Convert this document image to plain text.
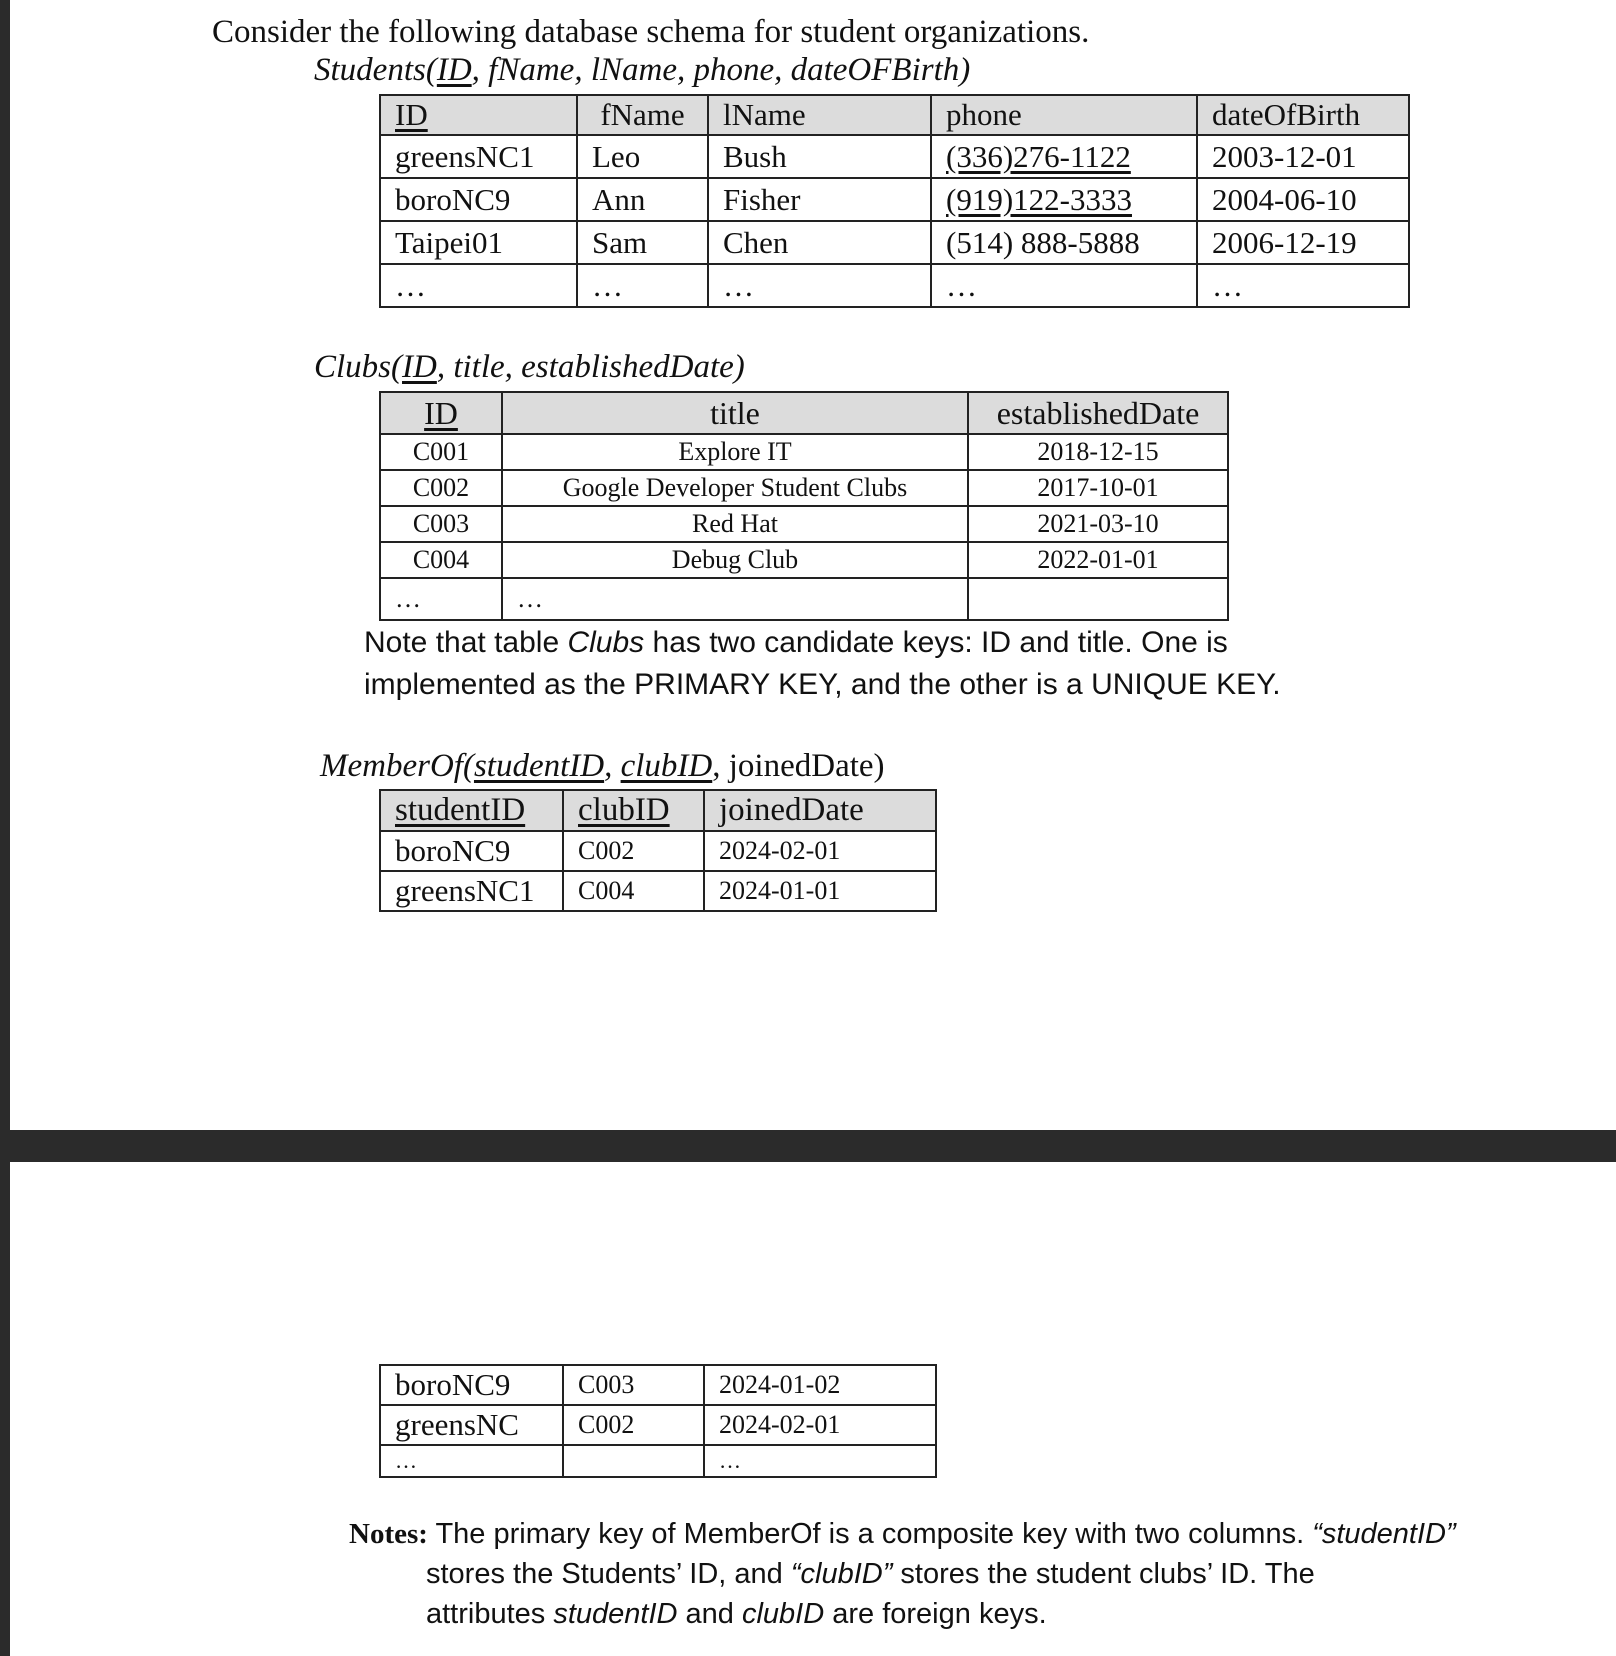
Consider the following database schema for student organizations.
Students(ID, fName, lName, phone, dateOFBirth)
ID	fName	lName	phone	dateOfBirth
greensNC1	Leo	Bush	(336)276-1122	2003-12-01
boroNC9	Ann	Fisher	(919)122-3333	2004-06-10
Taipei01	Sam	Chen	(514) 888-5888	2006-12-19
…	…	…	…	…
Clubs(ID, title, establishedDate)
ID	title	establishedDate
C001	Explore IT	2018-12-15
C002	Google Developer Student Clubs	2017-10-01
C003	Red Hat	2021-03-10
C004	Debug Club	2022-01-01
…	…	
Note that table Clubs has two candidate keys: ID and title. One is
implemented as the PRIMARY KEY, and the other is a UNIQUE KEY.
MemberOf(studentID, clubID, joinedDate)
studentID	clubID	joinedDate
boroNC9	C002	2024-02-01
greensNC1	C004	2024-01-01
boroNC9	C003	2024-01-02
greensNC	C002	2024-02-01
…		…
Notes: The primary key of MemberOf is a composite key with two columns. “studentID”
stores the Students’ ID, and “clubID” stores the student clubs’ ID. The
attributes studentID and clubID are foreign keys.
